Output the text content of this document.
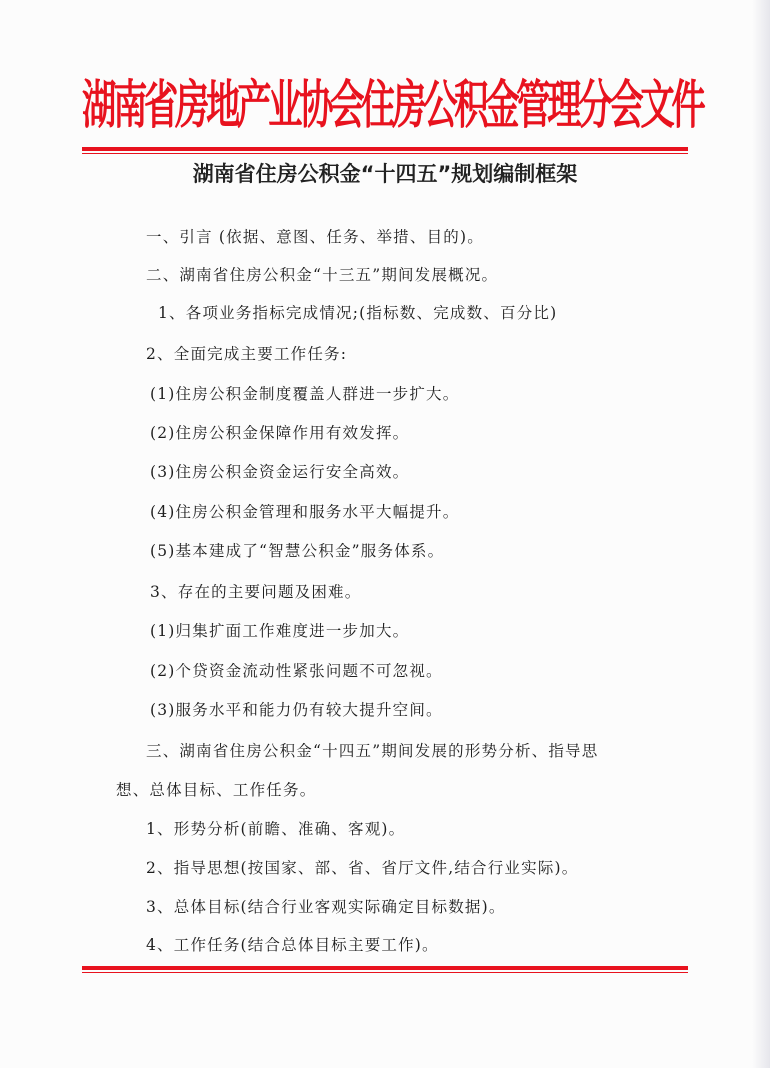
湖南省房地产业协会住房公积金管理分会文件
湖南省住房公积金“十四五”规划编制框架
一、引言 (依据、意图、任务、举措、目的)。
二、湖南省住房公积金“十三五”期间发展概况。
1、各项业务指标完成情况;(指标数、完成数、百分比)
2、全面完成主要工作任务:
(1)住房公积金制度覆盖人群进一步扩大。
(2)住房公积金保障作用有效发挥。
(3)住房公积金资金运行安全高效。
(4)住房公积金管理和服务水平大幅提升。
(5)基本建成了“智慧公积金”服务体系。
3、存在的主要问题及困难。
(1)归集扩面工作难度进一步加大。
(2)个贷资金流动性紧张问题不可忽视。
(3)服务水平和能力仍有较大提升空间。
三、湖南省住房公积金“十四五”期间发展的形势分析、指导思
想、总体目标、工作任务。
1、形势分析(前瞻、准确、客观)。
2、指导思想(按国家、部、省、省厅文件,结合行业实际)。
3、总体目标(结合行业客观实际确定目标数据)。
4、工作任务(结合总体目标主要工作)。
